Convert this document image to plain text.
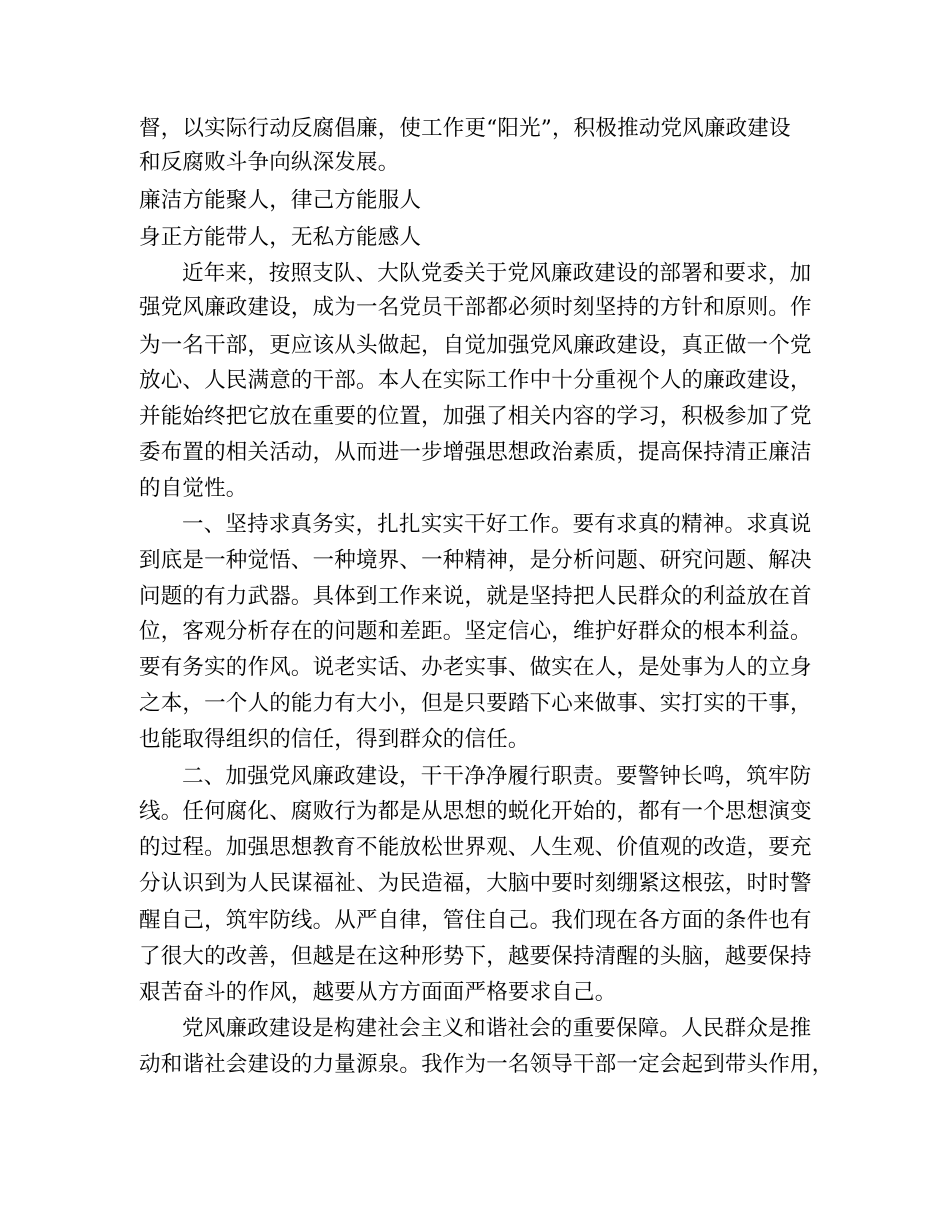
督，以实际行动反腐倡廉，使工作更“阳光”，积极推动党风廉政建设
和反腐败斗争向纵深发展。
廉洁方能聚人，律己方能服人
身正方能带人，无私方能感人
近年来，按照支队、大队党委关于党风廉政建设的部署和要求，加
强党风廉政建设，成为一名党员干部都必须时刻坚持的方针和原则。作
为一名干部，更应该从头做起，自觉加强党风廉政建设，真正做一个党
放心、人民满意的干部。本人在实际工作中十分重视个人的廉政建设，
并能始终把它放在重要的位置，加强了相关内容的学习，积极参加了党
委布置的相关活动，从而进一步增强思想政治素质，提高保持清正廉洁
的自觉性。
一、坚持求真务实，扎扎实实干好工作。要有求真的精神。求真说
到底是一种觉悟、一种境界、一种精神，是分析问题、研究问题、解决
问题的有力武器。具体到工作来说，就是坚持把人民群众的利益放在首
位，客观分析存在的问题和差距。坚定信心，维护好群众的根本利益。
要有务实的作风。说老实话、办老实事、做实在人，是处事为人的立身
之本，一个人的能力有大小，但是只要踏下心来做事、实打实的干事，
也能取得组织的信任，得到群众的信任。
二、加强党风廉政建设，干干净净履行职责。要警钟长鸣，筑牢防
线。任何腐化、腐败行为都是从思想的蜕化开始的，都有一个思想演变
的过程。加强思想教育不能放松世界观、人生观、价值观的改造，要充
分认识到为人民谋福祉、为民造福，大脑中要时刻绷紧这根弦，时时警
醒自己，筑牢防线。从严自律，管住自己。我们现在各方面的条件也有
了很大的改善，但越是在这种形势下，越要保持清醒的头脑，越要保持
艰苦奋斗的作风，越要从方方面面严格要求自己。
党风廉政建设是构建社会主义和谐社会的重要保障。人民群众是推
动和谐社会建设的力量源泉。我作为一名领导干部一定会起到带头作用，
